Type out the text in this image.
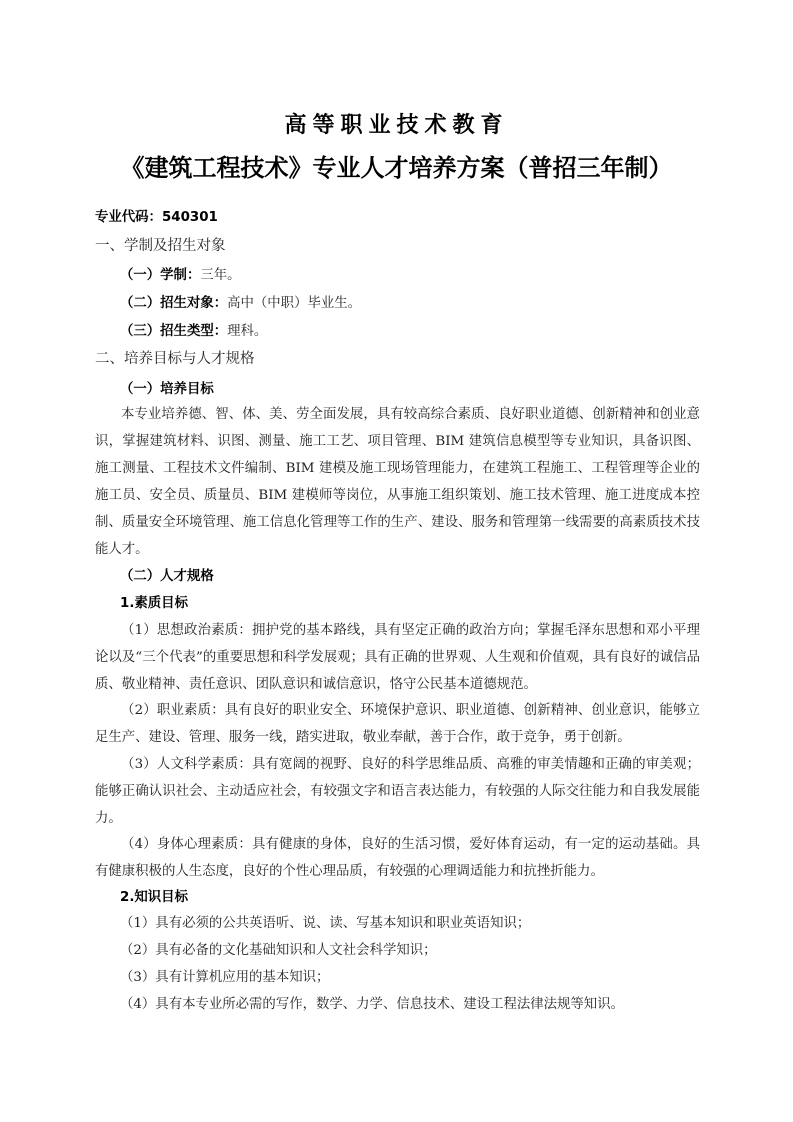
高等职业技术教育
《建筑工程技术》专业人才培养方案（普招三年制）
专业代码：540301
一、学制及招生对象
（一）学制：三年。
（二）招生对象：高中（中职）毕业生。
（三）招生类型：理科。
二、培养目标与人才规格
（一）培养目标
本专业培养德、智、体、美、劳全面发展，具有较高综合素质、良好职业道德、创新精神和创业意识，掌握建筑材料、识图、测量、施工工艺、项目管理、BIM 建筑信息模型等专业知识，具备识图、施工测量、工程技术文件编制、BIM 建模及施工现场管理能力，在建筑工程施工、工程管理等企业的施工员、安全员、质量员、BIM 建模师等岗位，从事施工组织策划、施工技术管理、施工进度成本控制、质量安全环境管理、施工信息化管理等工作的生产、建设、服务和管理第一线需要的高素质技术技能人才。
（二）人才规格
1.素质目标
（1）思想政治素质：拥护党的基本路线，具有坚定正确的政治方向；掌握毛泽东思想和邓小平理论以及“三个代表”的重要思想和科学发展观；具有正确的世界观、人生观和价值观，具有良好的诚信品质、敬业精神、责任意识、团队意识和诚信意识，恪守公民基本道德规范。
（2）职业素质：具有良好的职业安全、环境保护意识、职业道德、创新精神、创业意识，能够立足生产、建设、管理、服务一线，踏实进取，敬业奉献，善于合作，敢于竞争，勇于创新。
（3）人文科学素质：具有宽阔的视野、良好的科学思维品质、高雅的审美情趣和正确的审美观；能够正确认识社会、主动适应社会，有较强文字和语言表达能力，有较强的人际交往能力和自我发展能力。
（4）身体心理素质：具有健康的身体，良好的生活习惯，爱好体育运动，有一定的运动基础。具有健康积极的人生态度，良好的个性心理品质，有较强的心理调适能力和抗挫折能力。
2.知识目标
（1）具有必须的公共英语听、说、读、写基本知识和职业英语知识；
（2）具有必备的文化基础知识和人文社会科学知识；
（3）具有计算机应用的基本知识；
（4）具有本专业所必需的写作，数学、力学、信息技术、建设工程法律法规等知识。
